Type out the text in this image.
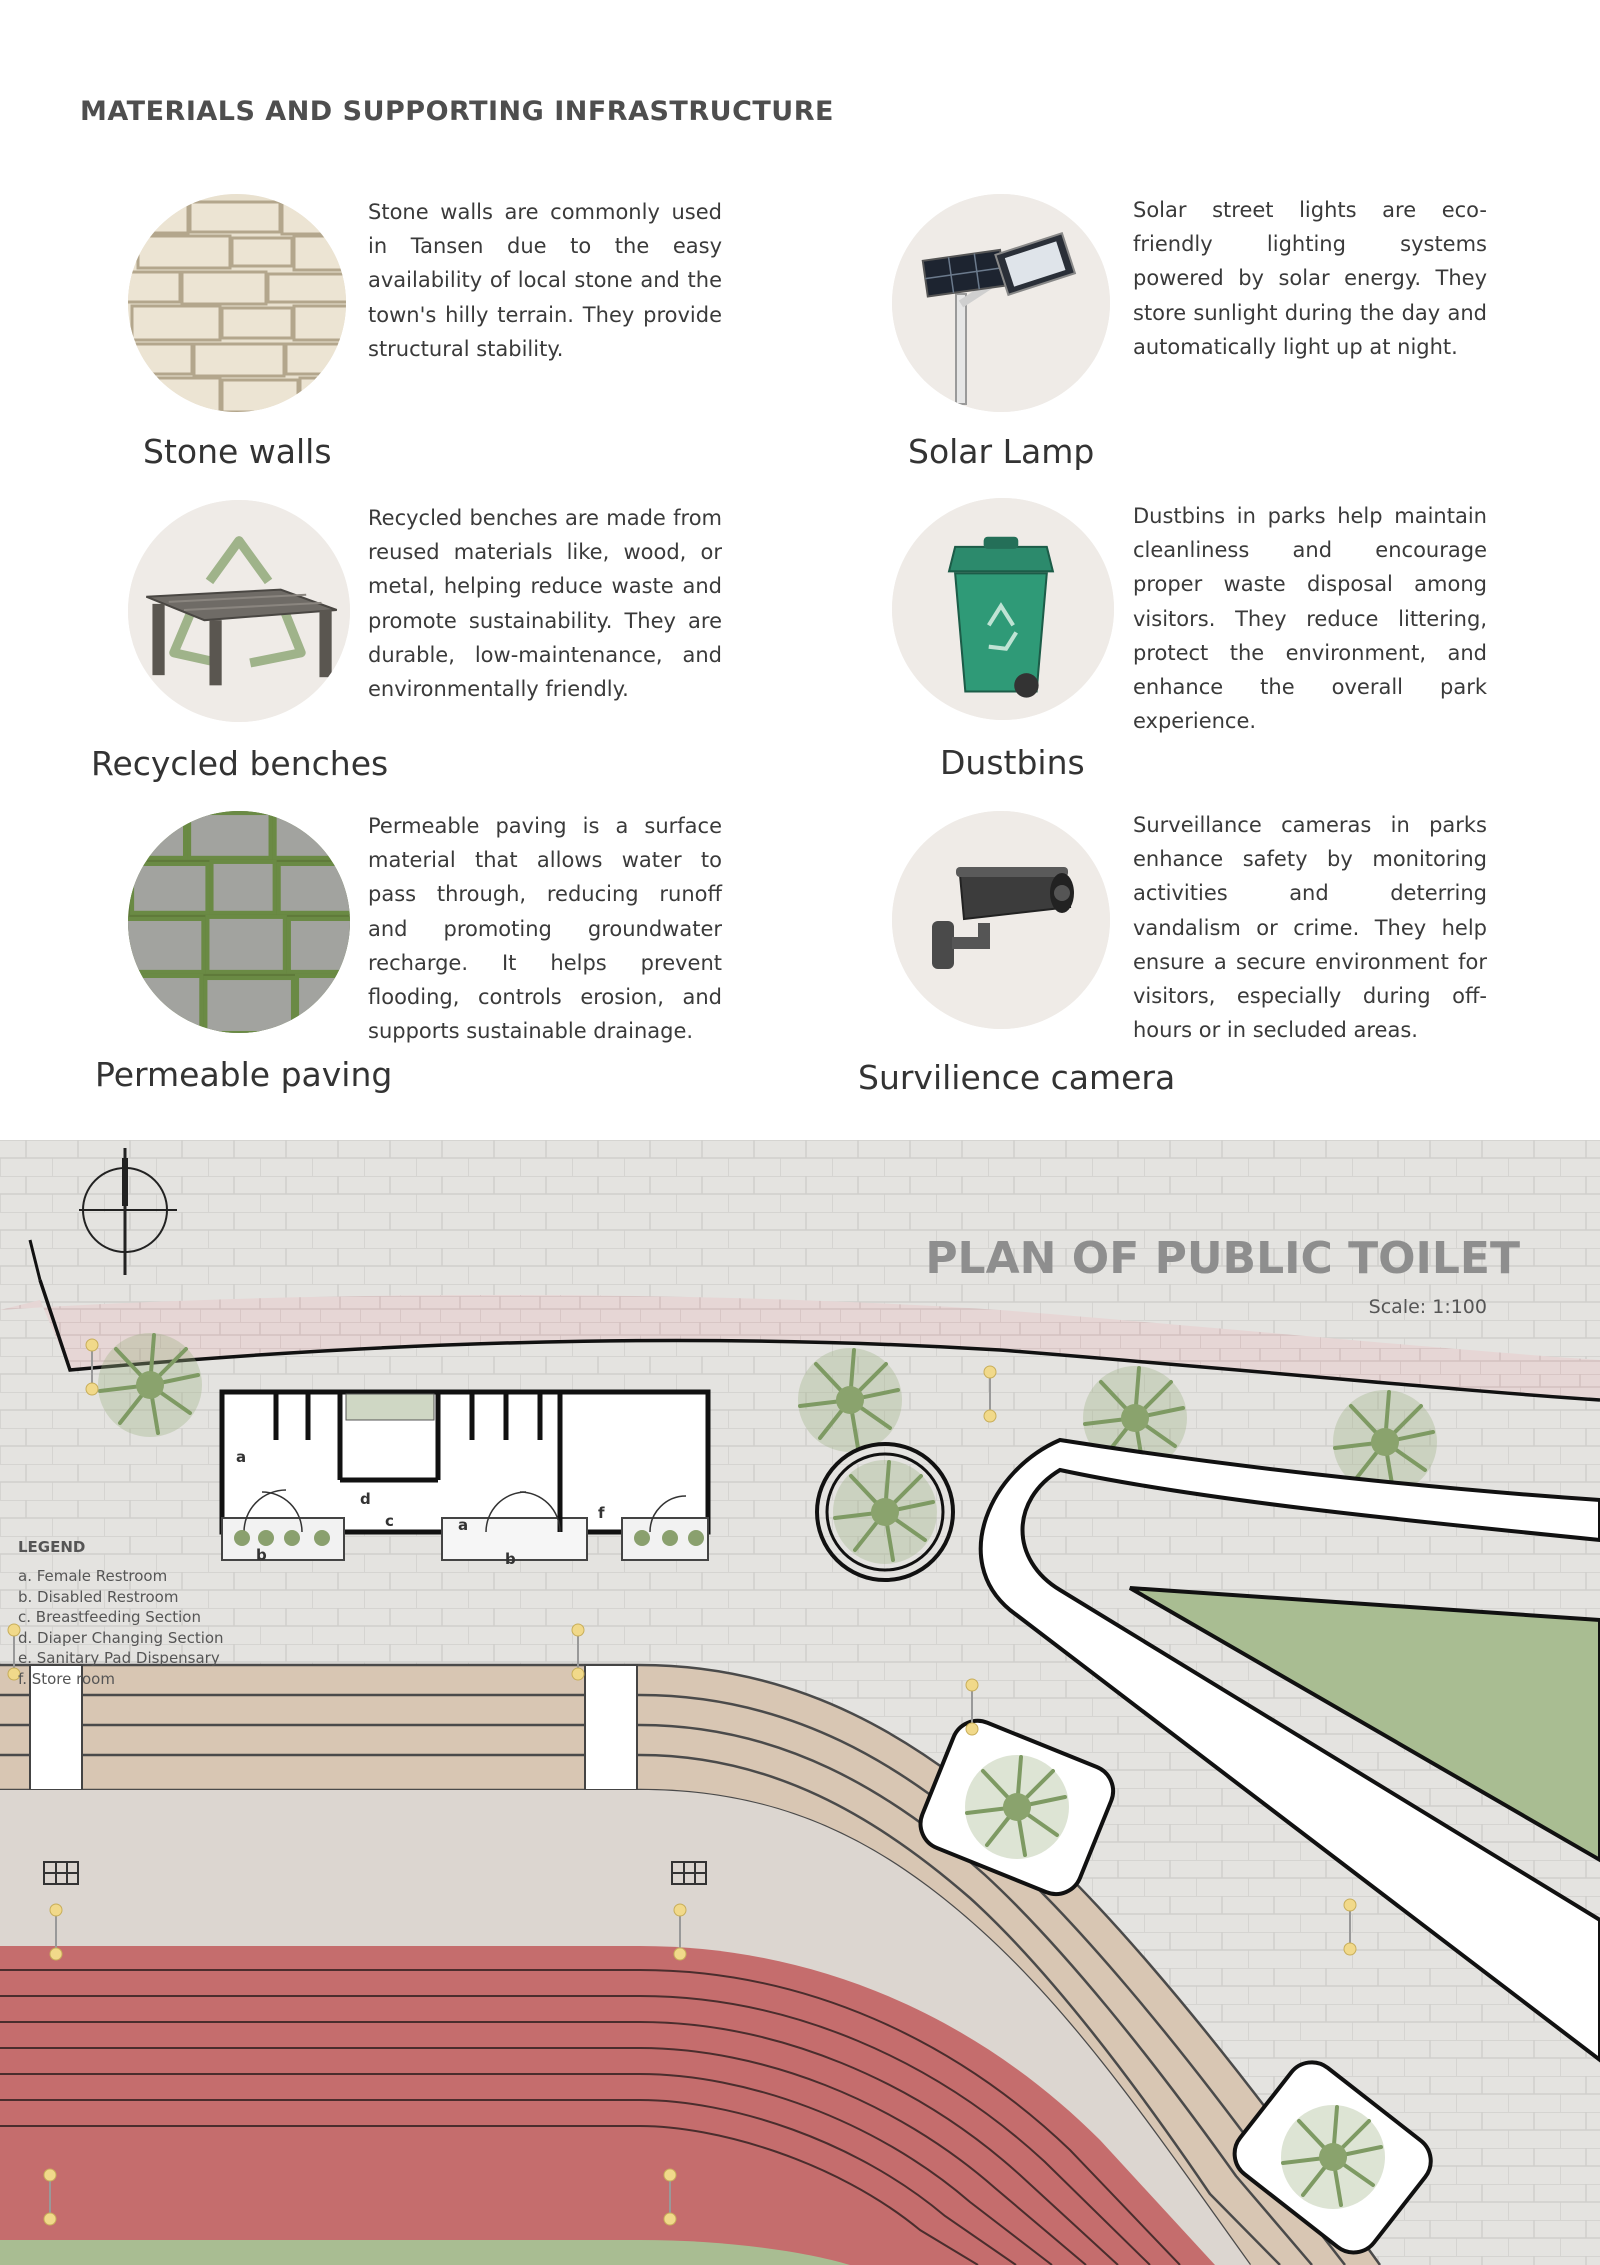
MATERIALS AND SUPPORTING INFRASTRUCTURE

Stone walls are commonly used in Tansen due to the easy availability of local stone and the town's hilly terrain. They provide structural stability.

Stone walls

Solar street lights are eco-friendly lighting systems powered by solar energy. They store sunlight during the day and automatically light up at night.

Solar Lamp

Recycled benches are made from reused materials like, wood, or metal, helping reduce waste and promote sustainability. They are durable, low-maintenance, and environmentally friendly.

Recycled benches

Dustbins in parks help maintain cleanliness and encourage proper waste disposal among visitors. They reduce littering, protect the environment, and enhance the overall park experience.

Dustbins

Permeable paving is a surface material that allows water to pass through, reducing runoff and promoting groundwater recharge. It helps prevent flooding, controls erosion, and supports sustainable drainage.

Permeable paving

Surveillance cameras in parks enhance safety by monitoring activities and deterring vandalism or crime. They help ensure a secure environment for visitors, especially during off-hours or in secluded areas.

Survilience camera

PLAN OF PUBLIC TOILET

Scale: 1:100

a
d
c	a
f
b	b
LEGEND
a. Female Restroom
b. Disabled Restroom
c. Breastfeeding Section
d. Diaper Changing Section
e. Sanitary Pad Dispensary
f. Store room
